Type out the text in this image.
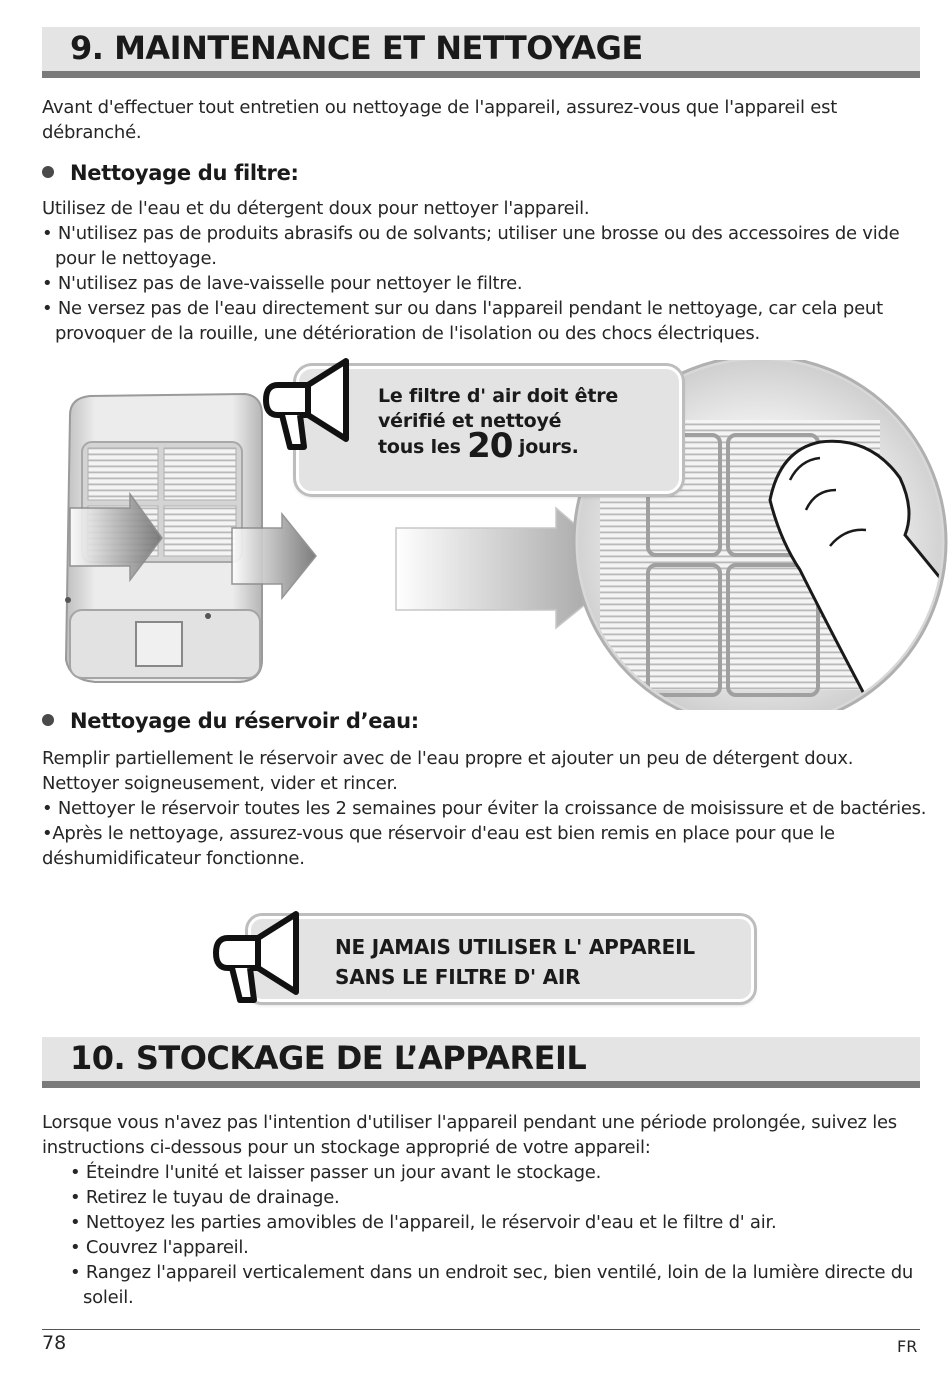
9. MAINTENANCE ET NETTOYAGE
Avant d'effectuer tout entretien ou nettoyage de l'appareil, assurez-vous que l'appareil est débranché.
Nettoyage du filtre:

Utilisez de l'eau et du détergent doux pour nettoyer l'appareil.

• N'utilisez pas de produits abrasifs ou de solvants; utiliser une brosse ou des accessoires de vide pour le nettoyage.

• N'utilisez pas de lave-vaisselle pour nettoyer le filtre.

• Ne versez pas de l'eau directement sur ou dans l'appareil pendant le nettoyage, car cela peut provoquer de la rouille, une détérioration de l'isolation ou des chocs électriques.

Le filtre d' air doit être
vérifié et nettoyé
tous les 20 jours.
Nettoyage du réservoir d’eau:

Remplir partiellement le réservoir avec de l'eau propre et ajouter un peu de détergent doux. Nettoyer soigneusement, vider et rincer.

• Nettoyer le réservoir toutes les 2 semaines pour éviter la croissance de moisissure et de bactéries.

•Après le nettoyage, assurez-vous que réservoir d'eau est bien remis en place pour que le déshumidificateur fonctionne.

NE JAMAIS UTILISER L' APPAREIL
SANS LE FILTRE D' AIR
10. STOCKAGE DE L’APPAREIL

Lorsque vous n'avez pas l'intention d'utiliser l'appareil pendant une période prolongée, suivez les instructions ci-dessous pour un stockage approprié de votre appareil:

• Éteindre l'unité et laisser passer un jour avant le stockage.

• Retirez le tuyau de drainage.

• Nettoyez les parties amovibles de l'appareil, le réservoir d'eau et le filtre d' air.

• Couvrez l'appareil.

• Rangez l'appareil verticalement dans un endroit sec, bien ventilé, loin de la lumière directe du soleil.

78	FR
